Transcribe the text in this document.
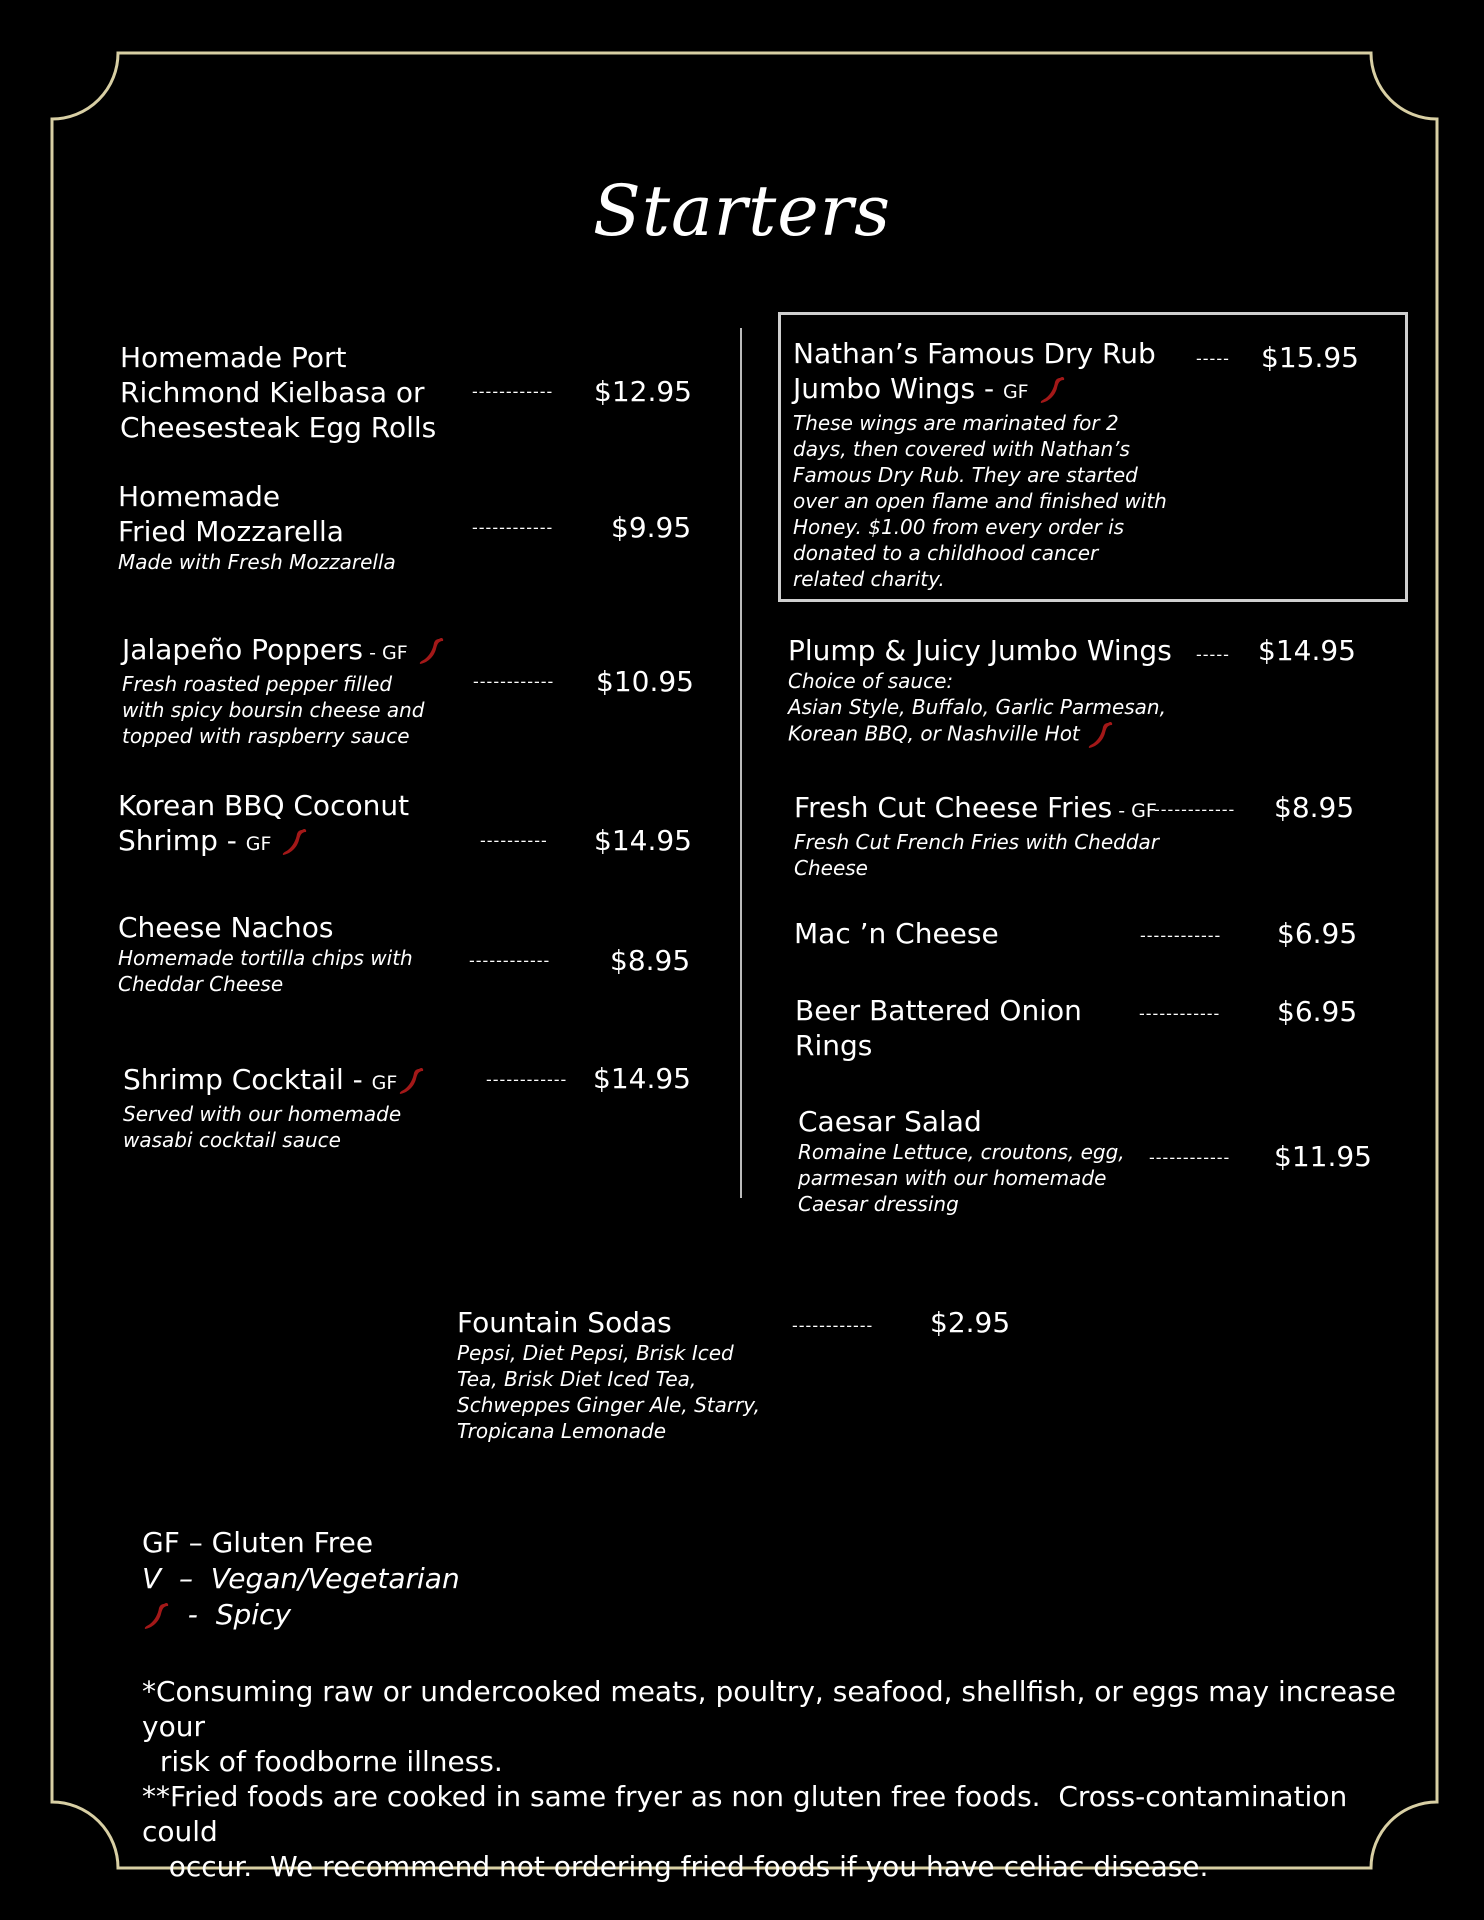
Starters
Homemade Port
Richmond Kielbasa or
Cheesesteak Egg Rolls
------------ $12.95
Homemade
Fried Mozzarella
Made with Fresh Mozzarella
------------ $9.95
Jalapeño Poppers - GF
Fresh roasted pepper filled
with spicy boursin cheese and
topped with raspberry sauce
------------ $10.95
Korean BBQ Coconut
Shrimp - GF	---------- $14.95
Cheese Nachos
Homemade tortilla chips with
Cheddar Cheese
------------ $8.95
Shrimp Cocktail - GF
Served with our homemade
wasabi cocktail sauce
------------ $14.95
Nathan’s Famous Dry Rub
Jumbo Wings - GF
These wings are marinated for 2
days, then covered with Nathan’s
Famous Dry Rub. They are started
over an open flame and finished with
Honey. $1.00 from every order is
donated to a childhood cancer
related charity.
----- $15.95
Plump & Juicy Jumbo Wings
Choice of sauce:
Asian Style, Buffalo, Garlic Parmesan,
Korean BBQ, or Nashville Hot
----- $14.95
Fresh Cut Cheese Fries - GF
Fresh Cut French Fries with Cheddar
Cheese
------------ $8.95
Mac ’n Cheese	------------ $6.95
Beer Battered Onion
Rings
------------ $6.95
Caesar Salad
Romaine Lettuce, croutons, egg,
parmesan with our homemade
Caesar dressing
------------ $11.95
Fountain Sodas
Pepsi, Diet Pepsi, Brisk Iced
Tea, Brisk Diet Iced Tea,
Schweppes Ginger Ale, Starry,
Tropicana Lemonade
------------ $2.95
GF – Gluten Free
V  –  Vegan/Vegetarian
-  Spicy
*Consuming raw or undercooked meats, poultry, seafood, shellfish, or eggs may increase your
risk of foodborne illness.
**Fried foods are cooked in same fryer as non gluten free foods.  Cross-contamination could
occur.  We recommend not ordering fried foods if you have celiac disease.
